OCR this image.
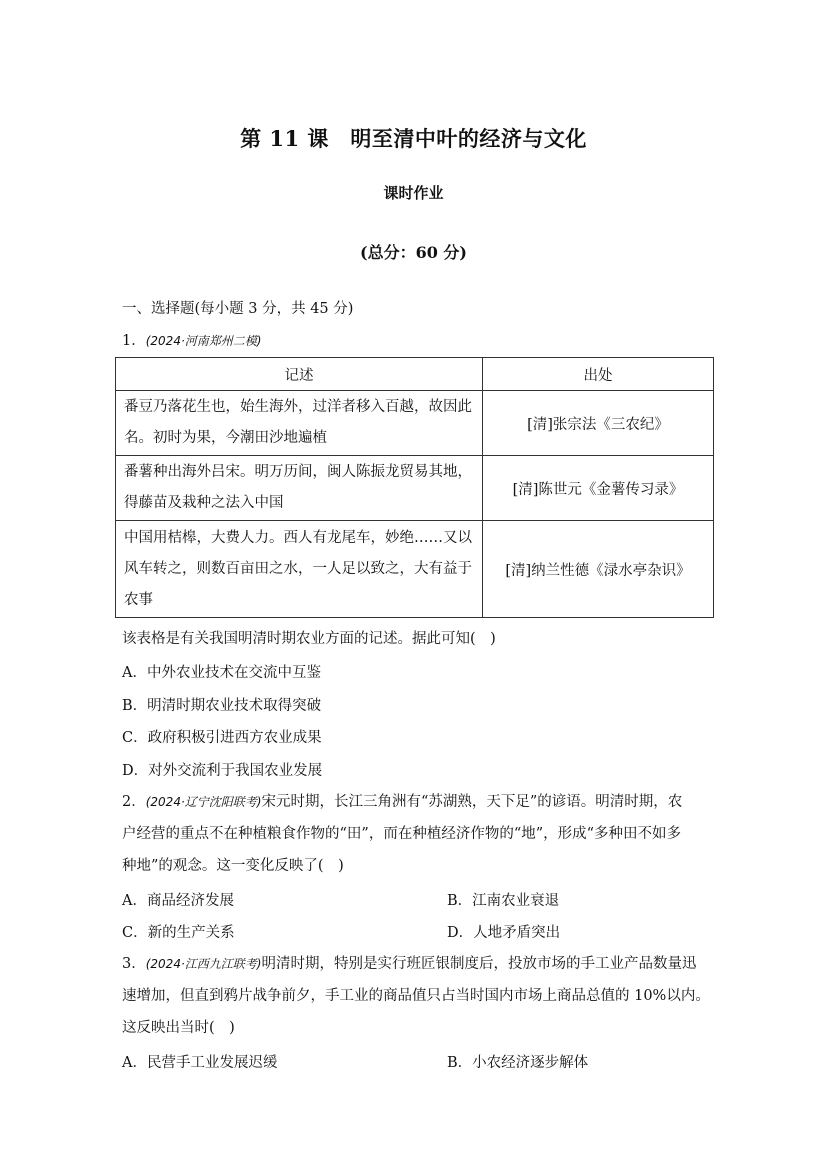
第 11 课　明至清中叶的经济与文化
课时作业
(总分：60 分)
一、选择题(每小题 3 分，共 45 分)
1．(2024·河南郑州二模)
记述	出处

番豆乃落花生也，始生海外，过洋者移入百越，故因此
名。初时为果，今潮田沙地遍植	[清]张宗法《三农纪》

番薯种出海外吕宋。明万历间，闽人陈振龙贸易其地，
得藤苗及栽种之法入中国	[清]陈世元《金薯传习录》

中国用桔槔，大费人力。西人有龙尾车，妙绝……又以
风车转之，则数百亩田之水，一人足以致之，大有益于
农事	[清]纳兰性德《渌水亭杂识》
该表格是有关我国明清时期农业方面的记述。据此可知(　)
A．中外农业技术在交流中互鉴
B．明清时期农业技术取得突破
C．政府积极引进西方农业成果
D．对外交流利于我国农业发展
2．(2024·辽宁沈阳联考)宋元时期，长江三角洲有“苏湖熟，天下足”的谚语。明清时期，农
户经营的重点不在种植粮食作物的“田”，而在种植经济作物的“地”，形成“多种田不如多
种地”的观念。这一变化反映了(　)
A．商品经济发展	B．江南农业衰退
C．新的生产关系	D．人地矛盾突出
3．(2024·江西九江联考)明清时期，特别是实行班匠银制度后，投放市场的手工业产品数量迅
速增加，但直到鸦片战争前夕，手工业的商品值只占当时国内市场上商品总值的 10%以内。
这反映出当时(　)
A．民营手工业发展迟缓	B．小农经济逐步解体
